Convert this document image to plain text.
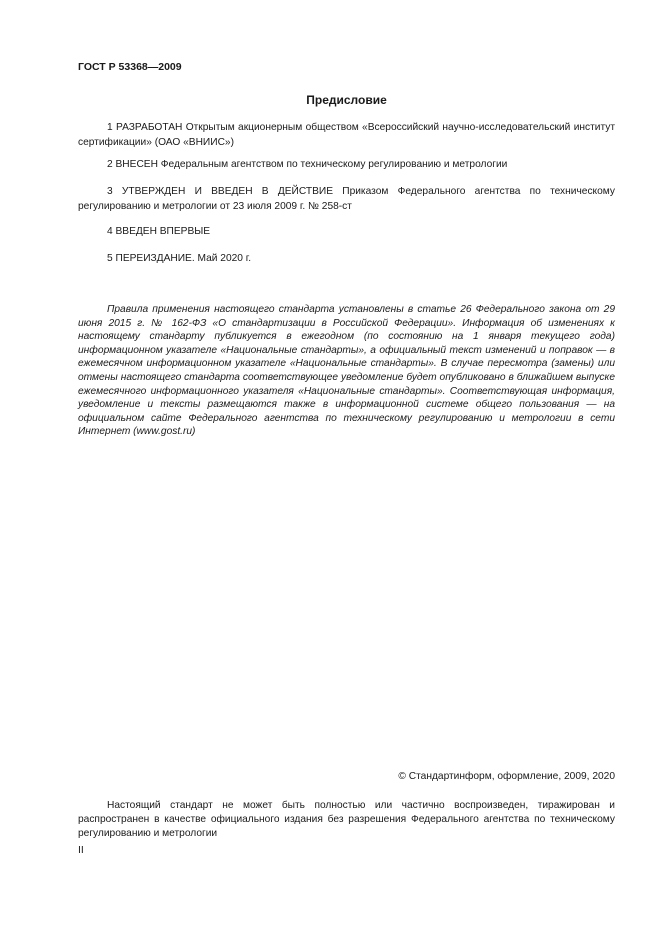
ГОСТ Р 53368—2009
Предисловие

1 РАЗРАБОТАН Открытым акционерным обществом «Всероссийский научно-исследовательский институт сертификации» (ОАО «ВНИИС»)

2 ВНЕСЕН Федеральным агентством по техническому регулированию и метрологии

3 УТВЕРЖДЕН И ВВЕДЕН В ДЕЙСТВИЕ Приказом Федерального агентства по техническому регулированию и метрологии от 23 июля 2009 г. № 258-ст

4 ВВЕДЕН ВПЕРВЫЕ

5 ПЕРЕИЗДАНИЕ. Май 2020 г.

Правила применения настоящего стандарта установлены в статье 26 Федерального закона от 29 июня 2015 г. № 162-ФЗ «О стандартизации в Российской Федерации». Информация об изменениях к настоящему стандарту публикуется в ежегодном (по состоянию на 1 января текущего года) информационном указателе «Национальные стандарты», а официальный текст изменений и поправок — в ежемесячном информационном указателе «Национальные стандарты». В случае пересмотра (замены) или отмены настоящего стандарта соответствующее уведомление будет опубликовано в ближайшем выпуске ежемесячного информационного указателя «Национальные стандарты». Соответствующая информация, уведомление и тексты размещаются также в информационной системе общего пользования — на официальном сайте Федерального агентства по техническому регулированию и метрологии в сети Интернет (www.gost.ru)

© Стандартинформ, оформление, 2009, 2020

Настоящий стандарт не может быть полностью или частично воспроизведен, тиражирован и распространен в качестве официального издания без разрешения Федерального агентства по техническому регулированию и метрологии

II
